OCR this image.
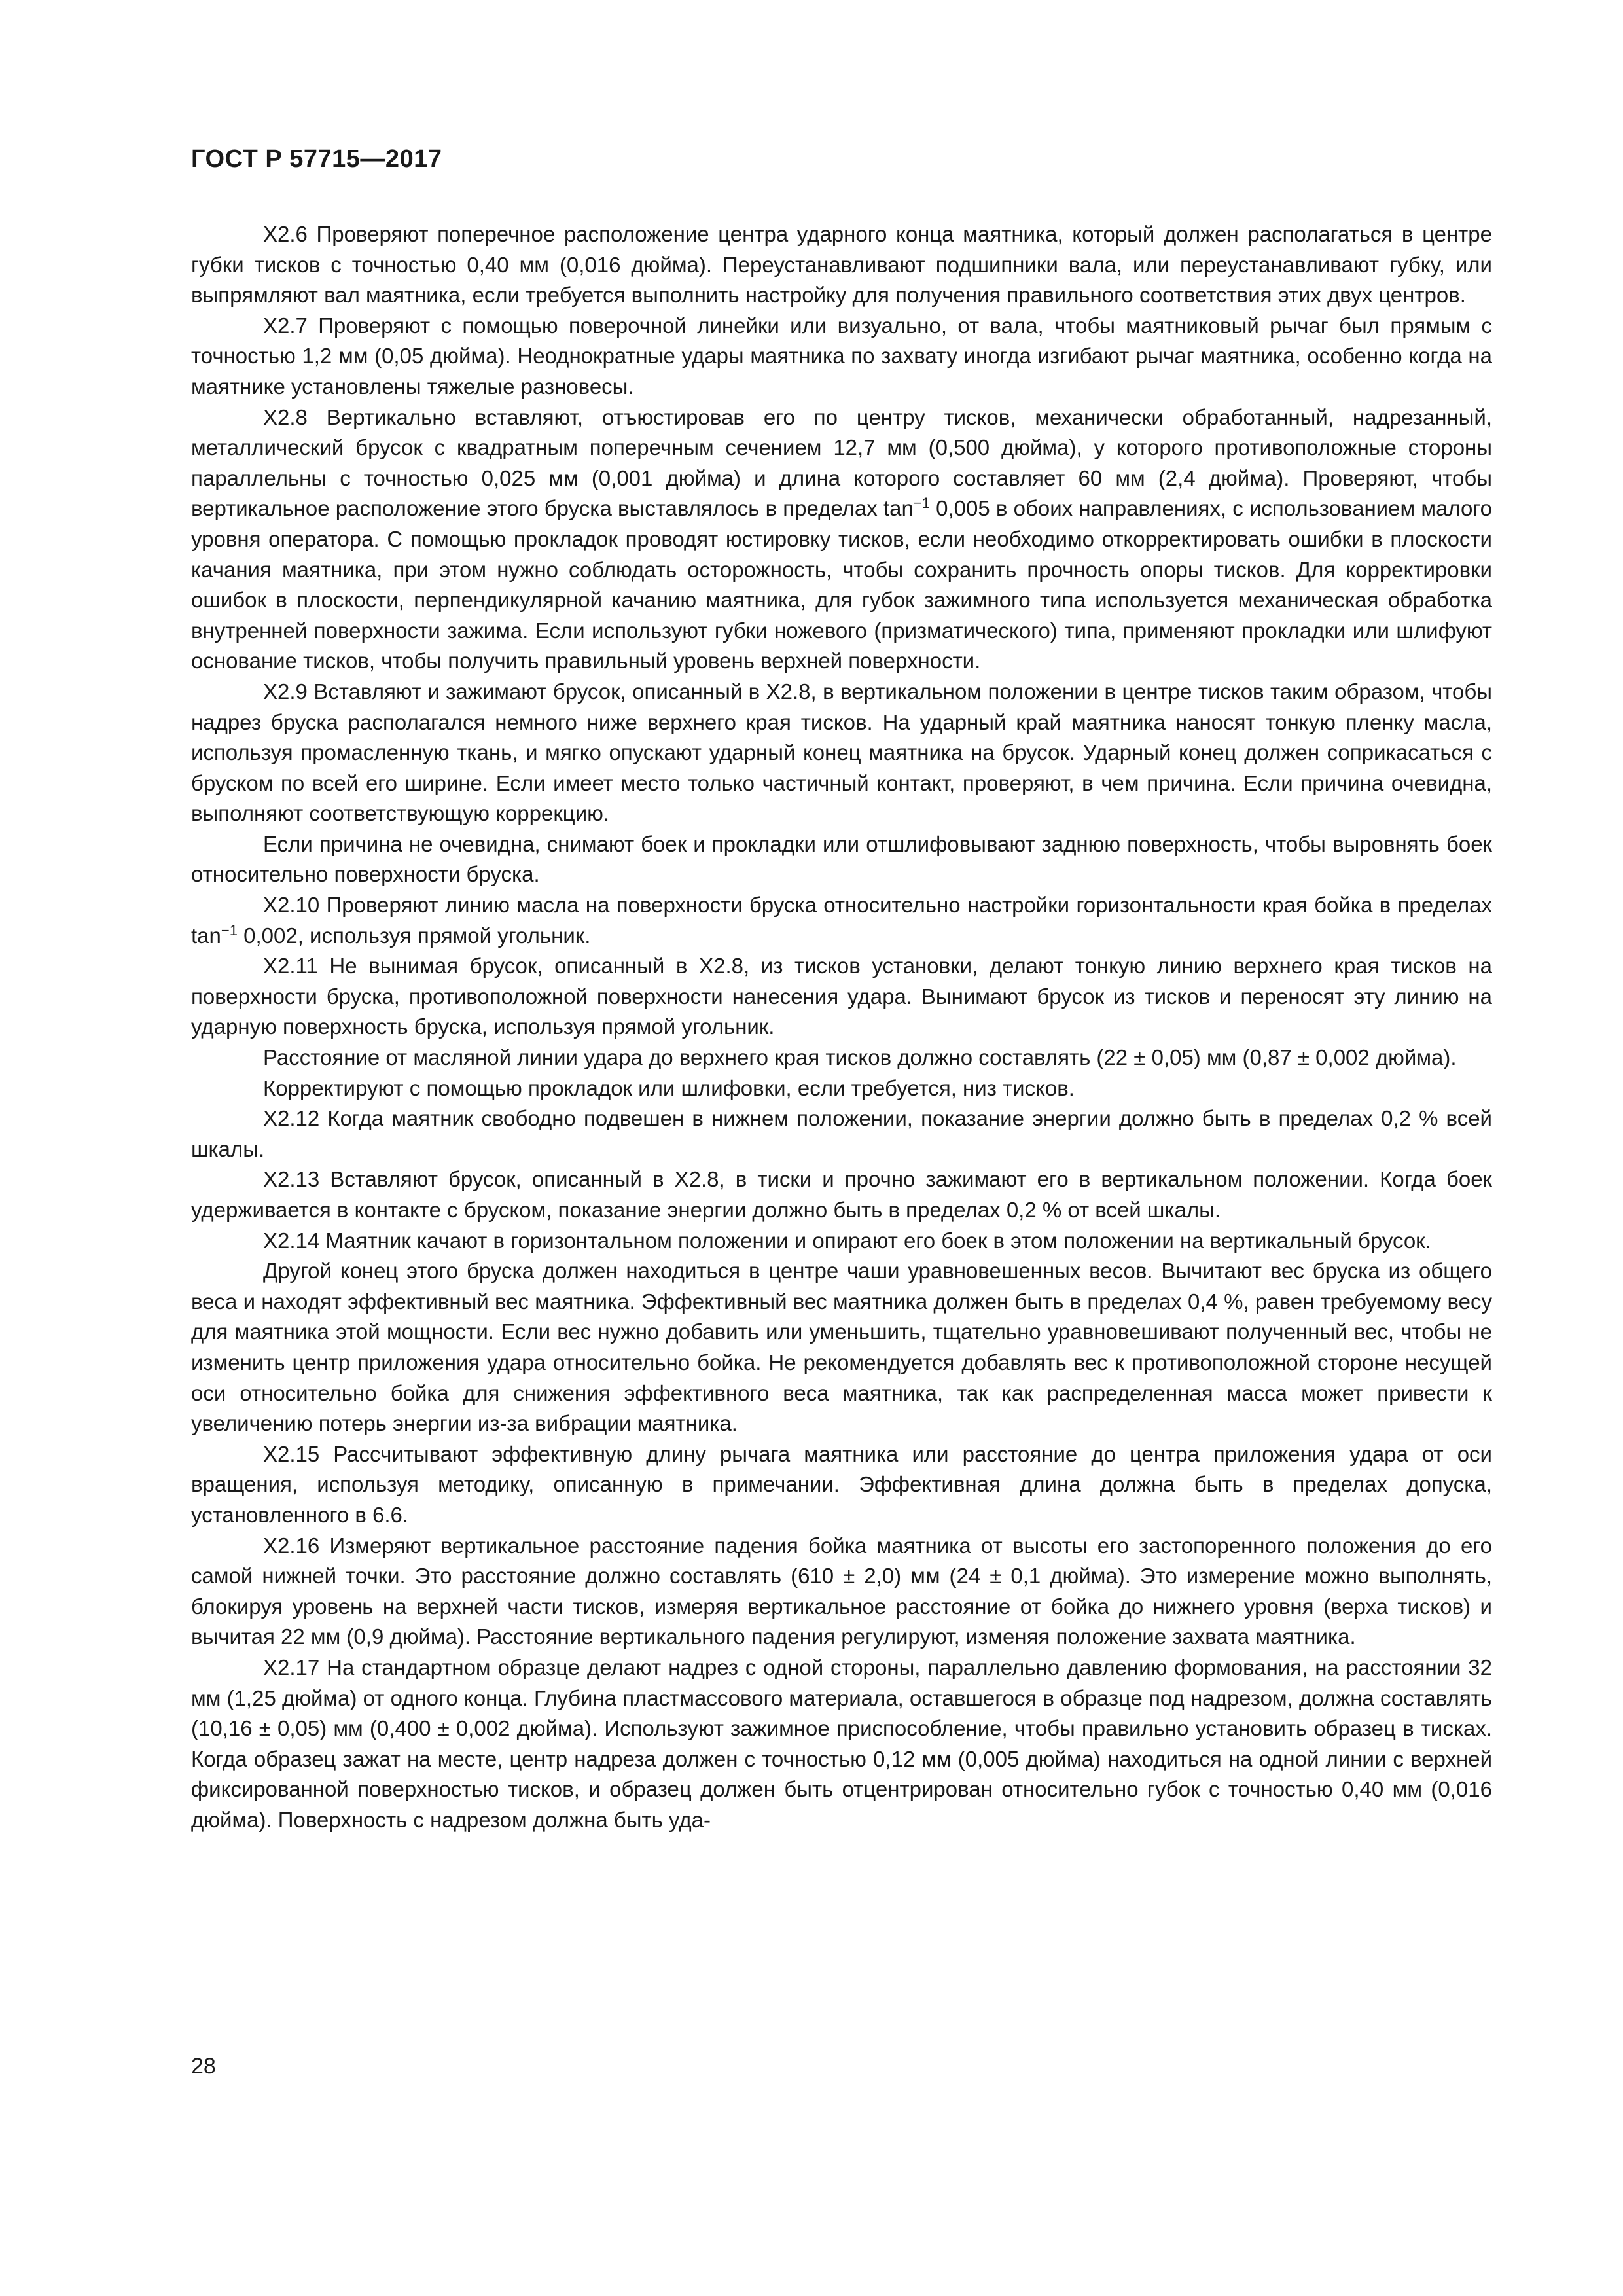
ГОСТ Р 57715—2017

Х2.6 Проверяют поперечное расположение центра ударного конца маятника, который должен располагаться в центре губки тисков с точностью 0,40 мм (0,016 дюйма). Переустанавливают подшипники вала, или переустанавливают губку, или выпрямляют вал маятника, если требуется выполнить настройку для получения правильного соответствия этих двух центров.

Х2.7 Проверяют с помощью поверочной линейки или визуально, от вала, чтобы маятниковый рычаг был прямым с точностью 1,2 мм (0,05 дюйма). Неоднократные удары маятника по захвату иногда изгибают рычаг маятника, особенно когда на маятнике установлены тяжелые разновесы.

Х2.8 Вертикально вставляют, отъюстировав его по центру тисков, механически обработанный, надрезанный, металлический брусок с квадратным поперечным сечением 12,7 мм (0,500 дюйма), у которого противоположные стороны параллельны с точностью 0,025 мм (0,001 дюйма) и длина которого составляет 60 мм (2,4 дюйма). Проверяют, чтобы вертикальное расположение этого бруска выставлялось в пределах $\tan^{-1} 0,005$ в обоих направлениях, с использованием малого уровня оператора. С помощью прокладок проводят юстировку тисков, если необходимо откорректировать ошибки в плоскости качания маятника, при этом нужно соблюдать осторожность, чтобы сохранить прочность опоры тисков. Для корректировки ошибок в плоскости, перпендикулярной качанию маятника, для губок зажимного типа используется механическая обработка внутренней поверхности зажима. Если используют губки ножевого (призматического) типа, применяют прокладки или шлифуют основание тисков, чтобы получить правильный уровень верхней поверхности.

Х2.9 Вставляют и зажимают брусок, описанный в Х2.8, в вертикальном положении в центре тисков таким образом, чтобы надрез бруска располагался немного ниже верхнего края тисков. На ударный край маятника наносят тонкую пленку масла, используя промасленную ткань, и мягко опускают ударный конец маятника на брусок. Ударный конец должен соприкасаться с бруском по всей его ширине. Если имеет место только частичный контакт, проверяют, в чем причина. Если причина очевидна, выполняют соответствующую коррекцию.

Если причина не очевидна, снимают боек и прокладки или отшлифовывают заднюю поверхность, чтобы выровнять боек относительно поверхности бруска.

Х2.10 Проверяют линию масла на поверхности бруска относительно настройки горизонтальности края бойка в пределах $\tan^{-1} 0,002$, используя прямой угольник.

Х2.11 Не вынимая брусок, описанный в Х2.8, из тисков установки, делают тонкую линию верхнего края тисков на поверхности бруска, противоположной поверхности нанесения удара. Вынимают брусок из тисков и переносят эту линию на ударную поверхность бруска, используя прямой угольник.

Расстояние от масляной линии удара до верхнего края тисков должно составлять (22 ± 0,05) мм (0,87 ± 0,002 дюйма).

Корректируют с помощью прокладок или шлифовки, если требуется, низ тисков.

Х2.12 Когда маятник свободно подвешен в нижнем положении, показание энергии должно быть в пределах 0,2 % всей шкалы.

Х2.13 Вставляют брусок, описанный в Х2.8, в тиски и прочно зажимают его в вертикальном положении. Когда боек удерживается в контакте с бруском, показание энергии должно быть в пределах 0,2 % от всей шкалы.

Х2.14 Маятник качают в горизонтальном положении и опирают его боек в этом положении на вертикальный брусок.

Другой конец этого бруска должен находиться в центре чаши уравновешенных весов. Вычитают вес бруска из общего веса и находят эффективный вес маятника. Эффективный вес маятника должен быть в пределах 0,4 %, равен требуемому весу для маятника этой мощности. Если вес нужно добавить или уменьшить, тщательно уравновешивают полученный вес, чтобы не изменить центр приложения удара относительно бойка. Не рекомендуется добавлять вес к противоположной стороне несущей оси относительно бойка для снижения эффективного веса маятника, так как распределенная масса может привести к увеличению потерь энергии из-за вибрации маятника.

Х2.15 Рассчитывают эффективную длину рычага маятника или расстояние до центра приложения удара от оси вращения, используя методику, описанную в примечании. Эффективная длина должна быть в пределах допуска, установленного в 6.6.

Х2.16 Измеряют вертикальное расстояние падения бойка маятника от высоты его застопоренного положения до его самой нижней точки. Это расстояние должно составлять (610 ± 2,0) мм (24 ± 0,1 дюйма). Это измерение можно выполнять, блокируя уровень на верхней части тисков, измеряя вертикальное расстояние от бойка до нижнего уровня (верха тисков) и вычитая 22 мм (0,9 дюйма). Расстояние вертикального падения регулируют, изменяя положение захвата маятника.

Х2.17 На стандартном образце делают надрез с одной стороны, параллельно давлению формования, на расстоянии 32 мм (1,25 дюйма) от одного конца. Глубина пластмассового материала, оставшегося в образце под надрезом, должна составлять (10,16 ± 0,05) мм (0,400 ± 0,002 дюйма). Используют зажимное приспособление, чтобы правильно установить образец в тисках. Когда образец зажат на месте, центр надреза должен с точностью 0,12 мм (0,005 дюйма) находиться на одной линии с верхней фиксированной поверхностью тисков, и образец должен быть отцентрирован относительно губок с точностью 0,40 мм (0,016 дюйма). Поверхность с надрезом должна быть уда-

28
